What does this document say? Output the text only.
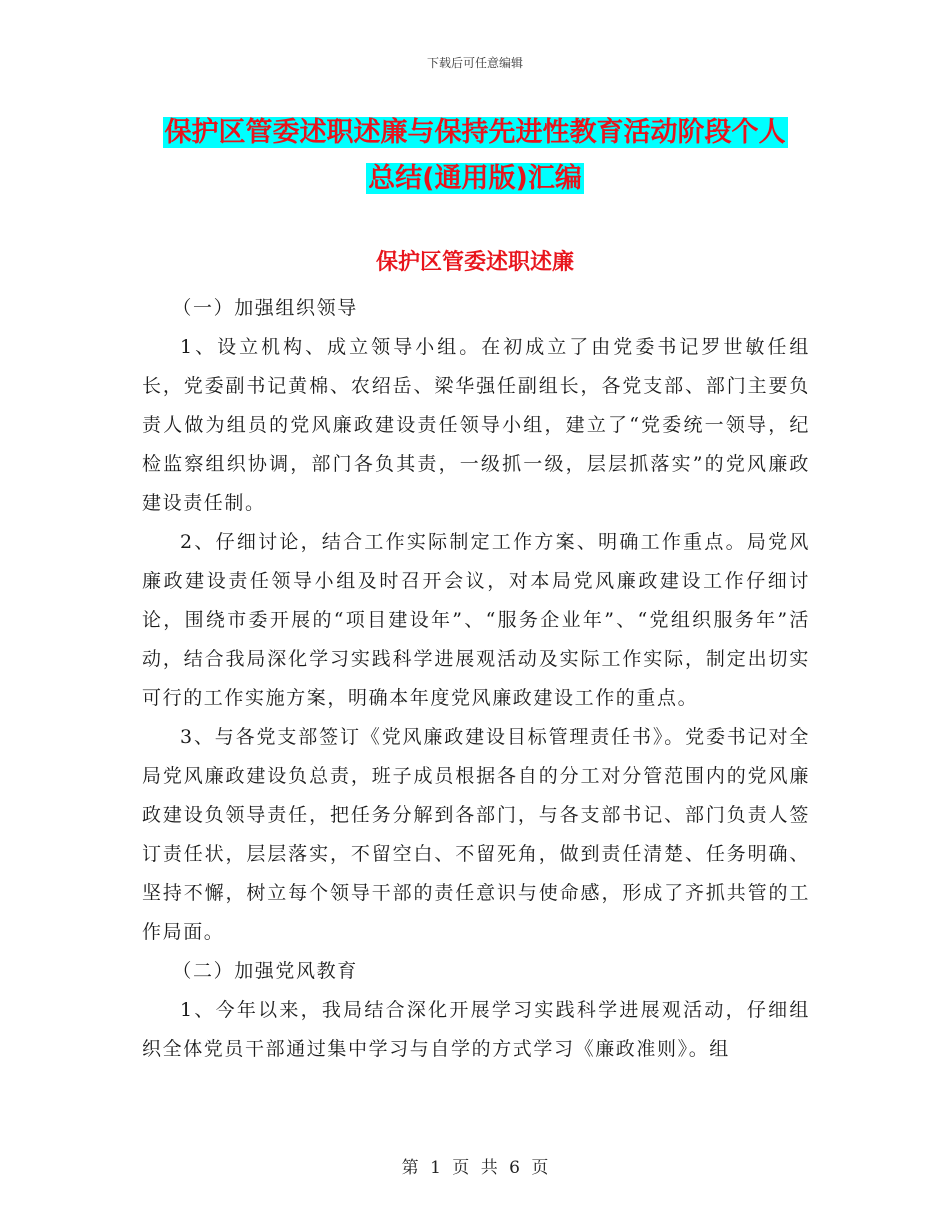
下载后可任意编辑
保护区管委述职述廉与保持先进性教育活动阶段个人
总结(通用版)汇编
保护区管委述职述廉

（一）加强组织领导

1、设立机构、成立领导小组。在初成立了由党委书记罗世敏任组长，党委副书记黄棉、农绍岳、梁华强任副组长，各党支部、部门主要负责人做为组员的党风廉政建设责任领导小组，建立了“党委统一领导，纪检监察组织协调，部门各负其责，一级抓一级，层层抓落实”的党风廉政建设责任制。

2、仔细讨论，结合工作实际制定工作方案、明确工作重点。局党风廉政建设责任领导小组及时召开会议，对本局党风廉政建设工作仔细讨论，围绕市委开展的“项目建设年”、“服务企业年”、“党组织服务年”活动，结合我局深化学习实践科学进展观活动及实际工作实际，制定出切实可行的工作实施方案，明确本年度党风廉政建设工作的重点。

3、与各党支部签订《党风廉政建设目标管理责任书》。党委书记对全局党风廉政建设负总责，班子成员根据各自的分工对分管范围内的党风廉政建设负领导责任，把任务分解到各部门，与各支部书记、部门负责人签订责任状，层层落实，不留空白、不留死角，做到责任清楚、任务明确、坚持不懈，树立每个领导干部的责任意识与使命感，形成了齐抓共管的工作局面。

（二）加强党风教育

1、今年以来，我局结合深化开展学习实践科学进展观活动，仔细组织全体党员干部通过集中学习与自学的方式学习《廉政准则》。组

第 1 页 共 6 页
